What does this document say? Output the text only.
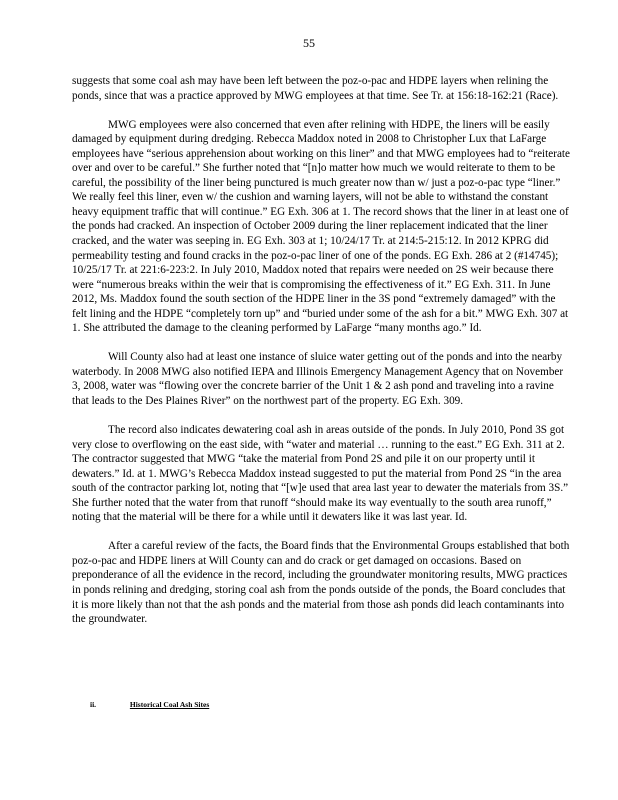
55

suggests that some coal ash may have been left between the poz-o-pac and HDPE layers when relining the ponds, since that was a practice approved by MWG employees at that time. See Tr. at 156:18-162:21 (Race).

MWG employees were also concerned that even after relining with HDPE, the liners will be easily damaged by equipment during dredging. Rebecca Maddox noted in 2008 to Christopher Lux that LaFarge employees have “serious apprehension about working on this liner” and that MWG employees had to “reiterate over and over to be careful.” She further noted that “[n]o matter how much we would reiterate to them to be careful, the possibility of the liner being punctured is much greater now than w/ just a poz-o-pac type “liner.” We really feel this liner, even w/ the cushion and warning layers, will not be able to withstand the constant heavy equipment traffic that will continue.” EG Exh. 306 at 1. The record shows that the liner in at least one of the ponds had cracked. An inspection of October 2009 during the liner replacement indicated that the liner cracked, and the water was seeping in. EG Exh. 303 at 1; 10/24/17 Tr. at 214:5-215:12. In 2012 KPRG did permeability testing and found cracks in the poz-o-pac liner of one of the ponds. EG Exh. 286 at 2 (#14745); 10/25/17 Tr. at 221:6-223:2. In July 2010, Maddox noted that repairs were needed on 2S weir because there were “numerous breaks within the weir that is compromising the effectiveness of it.” EG Exh. 311. In June 2012, Ms. Maddox found the south section of the HDPE liner in the 3S pond “extremely damaged” with the felt lining and the HDPE “completely torn up” and “buried under some of the ash for a bit.” MWG Exh. 307 at 1. She attributed the damage to the cleaning performed by LaFarge “many months ago.” Id.

Will County also had at least one instance of sluice water getting out of the ponds and into the nearby waterbody. In 2008 MWG also notified IEPA and Illinois Emergency Management Agency that on November 3, 2008, water was “flowing over the concrete barrier of the Unit 1 & 2 ash pond and traveling into a ravine that leads to the Des Plaines River” on the northwest part of the property. EG Exh. 309.

The record also indicates dewatering coal ash in areas outside of the ponds. In July 2010, Pond 3S got very close to overflowing on the east side, with “water and material … running to the east.” EG Exh. 311 at 2. The contractor suggested that MWG “take the material from Pond 2S and pile it on our property until it dewaters.” Id. at 1. MWG’s Rebecca Maddox instead suggested to put the material from Pond 2S “in the area south of the contractor parking lot, noting that “[w]e used that area last year to dewater the materials from 3S.” She further noted that the water from that runoff “should make its way eventually to the south area runoff,” noting that the material will be there for a while until it dewaters like it was last year. Id.

After a careful review of the facts, the Board finds that the Environmental Groups established that both poz-o-pac and HDPE liners at Will County can and do crack or get damaged on occasions. Based on preponderance of all the evidence in the record, including the groundwater monitoring results, MWG practices in ponds relining and dredging, storing coal ash from the ponds outside of the ponds, the Board concludes that it is more likely than not that the ash ponds and the material from those ash ponds did leach contaminants into the groundwater.

ii.	Historical Coal Ash Sites
